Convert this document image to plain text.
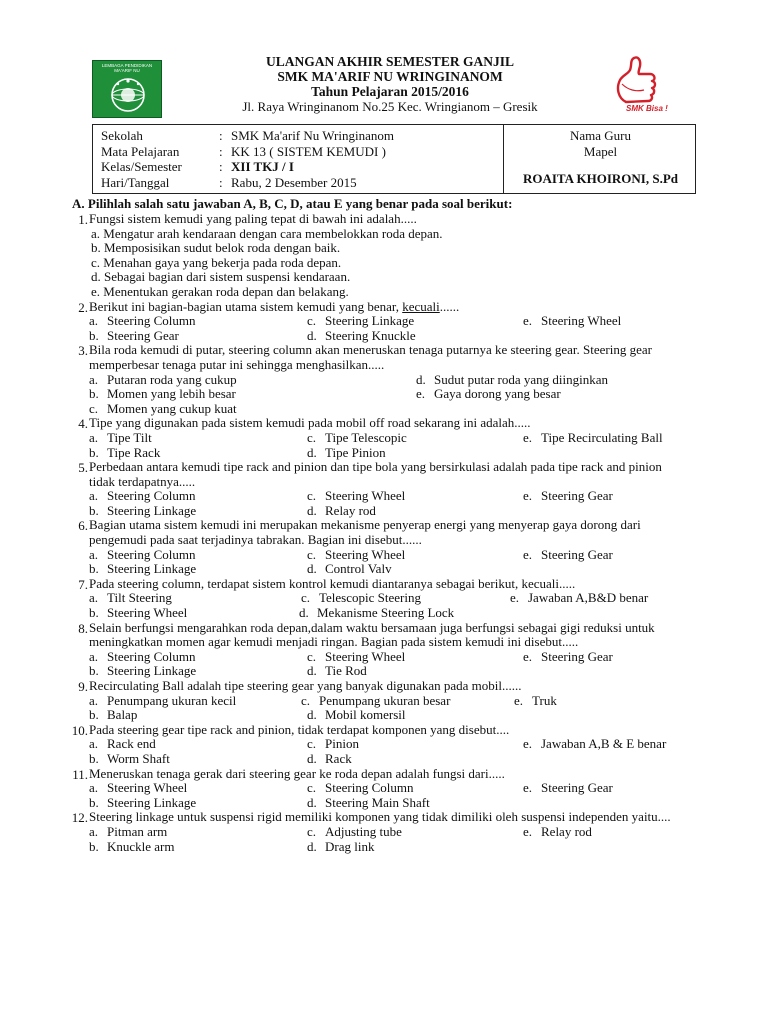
LEMBAGA PENDIDIKAN MA'ARIF NU
ULANGAN AKHIR SEMESTER GANJIL
SMK MA'ARIF NU WRINGINANOM
Tahun Pelajaran 2015/2016
Jl. Raya Wringinanom No.25 Kec. Wringianom – Gresik	SMK Bisa !
Sekolah	: SMK Ma'arif Nu Wringinanom
Mata Pelajaran	: KK 13 ( SISTEM KEMUDI )
Kelas/Semester	: XII TKJ / I
Hari/Tanggal	: Rabu, 2 Desember 2015
Nama Guru
Mapel
ROAITA KHOIRONI, S.Pd
A. Pilihlah salah satu jawaban A, B, C, D, atau E yang benar pada soal berikut:
1. Fungsi sistem kemudi yang paling tepat di bawah ini adalah.....
a. Mengatur arah kendaraan dengan cara membelokkan roda depan.
b. Memposisikan sudut belok roda dengan baik.
c. Menahan gaya yang bekerja pada roda depan.
d. Sebagai bagian dari sistem suspensi kendaraan.
e. Menentukan gerakan roda depan dan belakang.
2. Berikut ini bagian-bagian utama sistem kemudi yang benar, kecuali......
a. Steering Column	c. Steering Linkage	e. Steering Wheel
b. Steering Gear	d. Steering Knuckle
3. Bila roda kemudi di putar, steering column akan meneruskan tenaga putarnya ke steering gear. Steering gear memperbesar tenaga putar ini sehingga menghasilkan.....
a. Putaran roda yang cukup	d. Sudut putar roda yang diinginkan
b. Momen yang lebih besar	e. Gaya dorong yang besar
c. Momen yang cukup kuat
4. Tipe yang digunakan pada sistem kemudi pada mobil off road sekarang ini adalah.....
a. Tipe Tilt	c. Tipe Telescopic	e. Tipe Recirculating Ball
b. Tipe Rack	d. Tipe Pinion
5. Perbedaan antara kemudi tipe rack and pinion dan tipe bola yang bersirkulasi adalah pada tipe rack and pinion tidak terdapatnya.....
a. Steering Column	c. Steering Wheel	e. Steering Gear
b. Steering Linkage	d. Relay rod
6. Bagian utama sistem kemudi ini merupakan mekanisme penyerap energi yang menyerap gaya dorong dari pengemudi pada saat terjadinya tabrakan. Bagian ini disebut......
a. Steering Column	c. Steering Wheel	e. Steering Gear
b. Steering Linkage	d. Control Valv
7. Pada steering column, terdapat sistem kontrol kemudi diantaranya sebagai berikut, kecuali.....
a. Tilt Steering	c. Telescopic Steering	e. Jawaban A,B&D benar
b. Steering Wheel	d. Mekanisme Steering Lock
8. Selain berfungsi mengarahkan roda depan,dalam waktu bersamaan juga berfungsi sebagai gigi reduksi untuk meningkatkan momen agar kemudi menjadi ringan. Bagian pada sistem kemudi ini disebut.....
a. Steering Column	c. Steering Wheel	e. Steering Gear
b. Steering Linkage	d. Tie Rod
9. Recirculating Ball adalah tipe steering gear yang banyak digunakan pada mobil......
a. Penumpang ukuran kecil	c. Penumpang ukuran besar	e. Truk
b. Balap	d. Mobil komersil
10. Pada steering gear tipe rack and pinion, tidak terdapat komponen yang disebut....
a. Rack end	c. Pinion	e. Jawaban A,B & E benar
b. Worm Shaft	d. Rack
11. Meneruskan tenaga gerak dari steering gear ke roda depan adalah fungsi dari.....
a. Steering Wheel	c. Steering Column	e. Steering Gear
b. Steering Linkage	d. Steering Main Shaft
12. Steering linkage untuk suspensi rigid memiliki komponen yang tidak dimiliki oleh suspensi independen yaitu....
a. Pitman arm	c. Adjusting tube	e. Relay rod
b. Knuckle arm	d. Drag link
